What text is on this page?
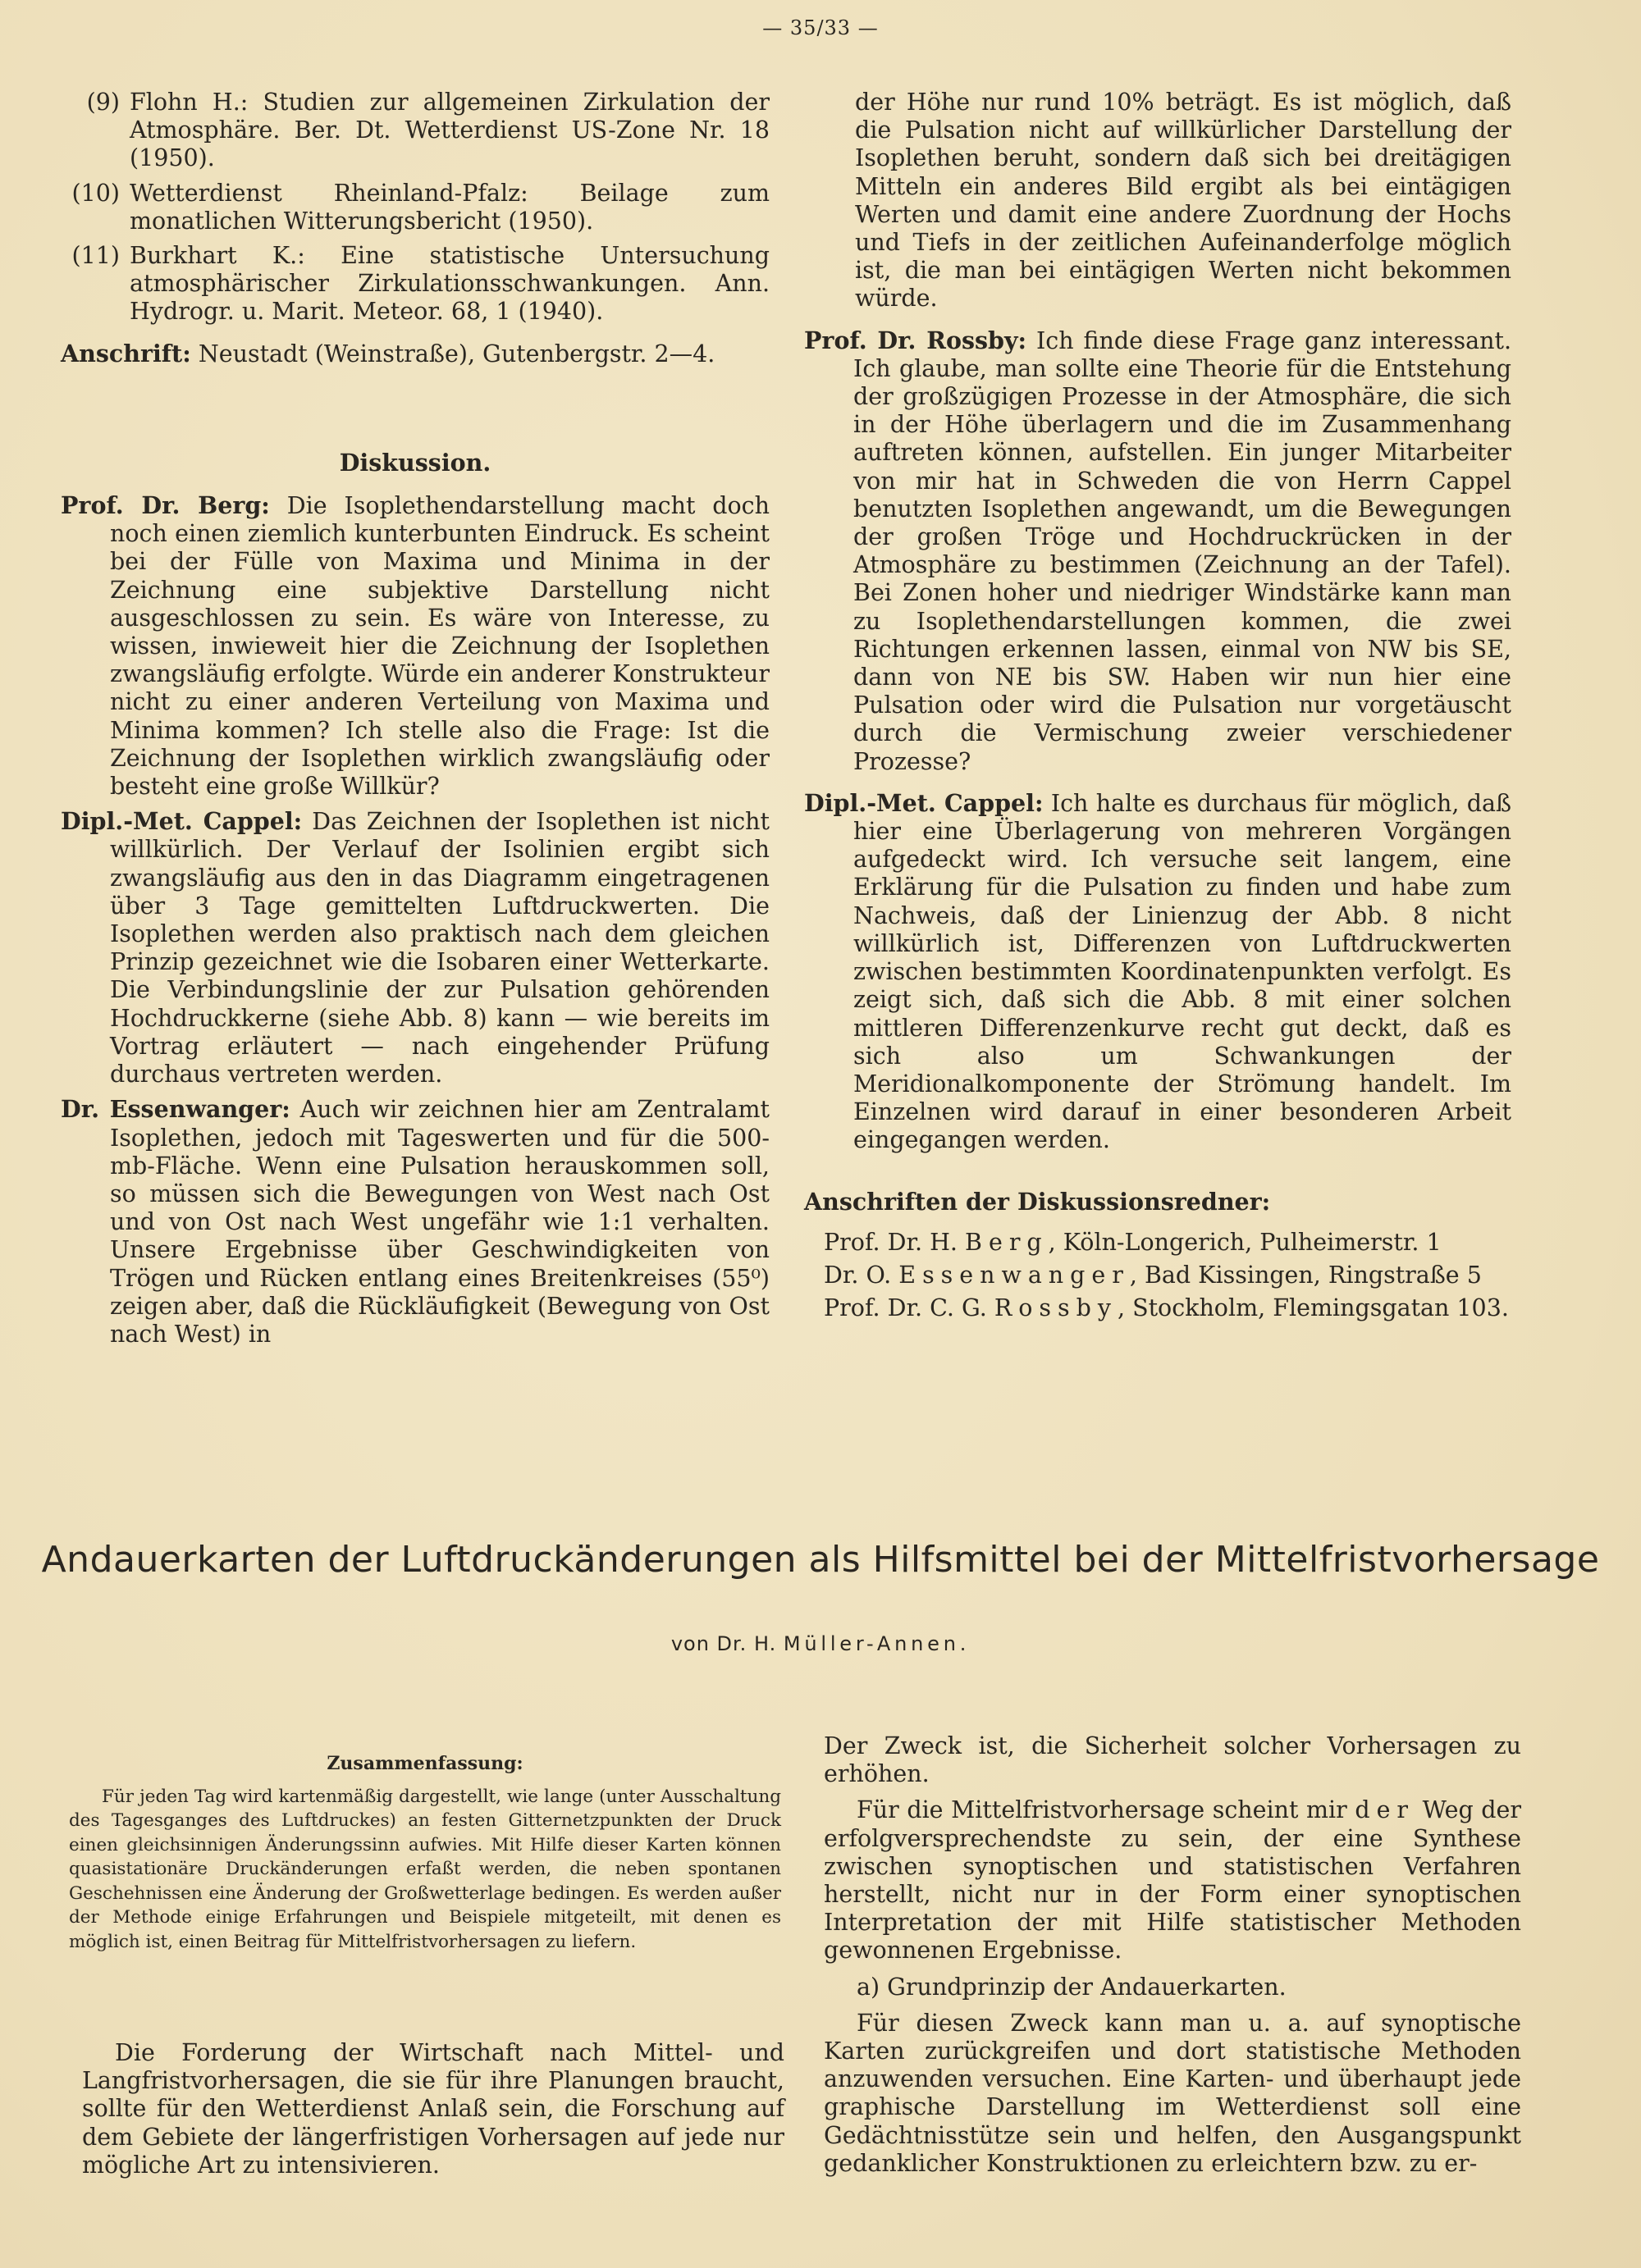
— 35/33 —
(9) Flohn H.: Studien zur allgemeinen Zirkulation der Atmosphäre. Ber. Dt. Wetterdienst US-Zone Nr. 18 (1950).
(10) Wetterdienst Rheinland-Pfalz: Beilage zum monatlichen Witterungsbericht (1950).
(11) Burkhart K.: Eine statistische Untersuchung atmosphärischer Zirkulationsschwankungen. Ann. Hydrogr. u. Marit. Meteor. 68, 1 (1940).

Anschrift: Neustadt (Weinstraße), Gutenbergstr. 2—4.

Diskussion.

Prof. Dr. Berg: Die Isoplethendarstellung macht doch noch einen ziemlich kunterbunten Eindruck. Es scheint bei der Fülle von Maxima und Minima in der Zeichnung eine subjektive Darstellung nicht ausgeschlossen zu sein. Es wäre von Interesse, zu wissen, inwieweit hier die Zeichnung der Isoplethen zwangsläufig erfolgte. Würde ein anderer Konstrukteur nicht zu einer anderen Verteilung von Maxima und Minima kommen? Ich stelle also die Frage: Ist die Zeichnung der Isoplethen wirklich zwangsläufig oder besteht eine große Willkür?

Dipl.-Met. Cappel: Das Zeichnen der Isoplethen ist nicht willkürlich. Der Verlauf der Isolinien ergibt sich zwangsläufig aus den in das Diagramm eingetragenen über 3 Tage gemittelten Luftdruckwerten. Die Isoplethen werden also praktisch nach dem gleichen Prinzip gezeichnet wie die Isobaren einer Wetterkarte. Die Verbindungslinie der zur Pulsation gehörenden Hochdruckkerne (siehe Abb. 8) kann — wie bereits im Vortrag erläutert — nach eingehender Prüfung durchaus vertreten werden.

Dr. Essenwanger: Auch wir zeichnen hier am Zentralamt Isoplethen, jedoch mit Tageswerten und für die 500-mb-Fläche. Wenn eine Pulsation herauskommen soll, so müssen sich die Bewegungen von West nach Ost und von Ost nach West ungefähr wie 1:1 verhalten. Unsere Ergebnisse über Geschwindigkeiten von Trögen und Rücken entlang eines Breitenkreises (55⁰) zeigen aber, daß die Rückläufigkeit (Bewegung von Ost nach West) in

der Höhe nur rund 10% beträgt. Es ist möglich, daß die Pulsation nicht auf willkürlicher Darstellung der Isoplethen beruht, sondern daß sich bei dreitägigen Mitteln ein anderes Bild ergibt als bei eintägigen Werten und damit eine andere Zuordnung der Hochs und Tiefs in der zeitlichen Aufeinanderfolge möglich ist, die man bei eintägigen Werten nicht bekommen würde.

Prof. Dr. Rossby: Ich finde diese Frage ganz interessant. Ich glaube, man sollte eine Theorie für die Entstehung der großzügigen Prozesse in der Atmosphäre, die sich in der Höhe überlagern und die im Zusammenhang auftreten können, aufstellen. Ein junger Mitarbeiter von mir hat in Schweden die von Herrn Cappel benutzten Isoplethen angewandt, um die Bewegungen der großen Tröge und Hochdruckrücken in der Atmosphäre zu bestimmen (Zeichnung an der Tafel). Bei Zonen hoher und niedriger Windstärke kann man zu Isoplethendarstellungen kommen, die zwei Richtungen erkennen lassen, einmal von NW bis SE, dann von NE bis SW. Haben wir nun hier eine Pulsation oder wird die Pulsation nur vorgetäuscht durch die Vermischung zweier verschiedener Prozesse?

Dipl.-Met. Cappel: Ich halte es durchaus für möglich, daß hier eine Überlagerung von mehreren Vorgängen aufgedeckt wird. Ich versuche seit langem, eine Erklärung für die Pulsation zu finden und habe zum Nachweis, daß der Linienzug der Abb. 8 nicht willkürlich ist, Differenzen von Luftdruckwerten zwischen bestimmten Koordinatenpunkten verfolgt. Es zeigt sich, daß sich die Abb. 8 mit einer solchen mittleren Differenzenkurve recht gut deckt, daß es sich also um Schwankungen der Meridionalkomponente der Strömung handelt. Im Einzelnen wird darauf in einer besonderen Arbeit eingegangen werden.

Anschriften der Diskussionsredner:

Prof. Dr. H. Berg, Köln-Longerich, Pulheimerstr. 1

Dr. O. Essenwanger, Bad Kissingen, Ringstraße 5

Prof. Dr. C. G. Rossby, Stockholm, Flemingsgatan 103.

Andauerkarten der Luftdruckänderungen als Hilfsmittel bei der Mittelfristvorhersage
von Dr. H. Müller-Annen.
Zusammenfassung:

Für jeden Tag wird kartenmäßig dargestellt, wie lange (unter Ausschaltung des Tagesganges des Luftdruckes) an festen Gitternetzpunkten der Druck einen gleichsinnigen Änderungssinn aufwies. Mit Hilfe dieser Karten können quasistationäre Druckänderungen erfaßt werden, die neben spontanen Geschehnissen eine Änderung der Großwetterlage bedingen. Es werden außer der Methode einige Erfahrungen und Beispiele mitgeteilt, mit denen es möglich ist, einen Beitrag für Mittelfristvorhersagen zu liefern.

Die Forderung der Wirtschaft nach Mittel- und Langfristvorhersagen, die sie für ihre Planungen braucht, sollte für den Wetterdienst Anlaß sein, die Forschung auf dem Gebiete der längerfristigen Vorhersagen auf jede nur mögliche Art zu intensivieren.

Der Zweck ist, die Sicherheit solcher Vorhersagen zu erhöhen.

Für die Mittelfristvorhersage scheint mir der Weg der erfolgversprechendste zu sein, der eine Synthese zwischen synoptischen und statistischen Verfahren herstellt, nicht nur in der Form einer synoptischen Interpretation der mit Hilfe statistischer Methoden gewonnenen Ergebnisse.

a) Grundprinzip der Andauerkarten.

Für diesen Zweck kann man u. a. auf synoptische Karten zurückgreifen und dort statistische Methoden anzuwenden versuchen. Eine Karten- und überhaupt jede graphische Darstellung im Wetterdienst soll eine Gedächtnisstütze sein und helfen, den Ausgangspunkt gedanklicher Konstruktionen zu erleichtern bzw. zu er-
